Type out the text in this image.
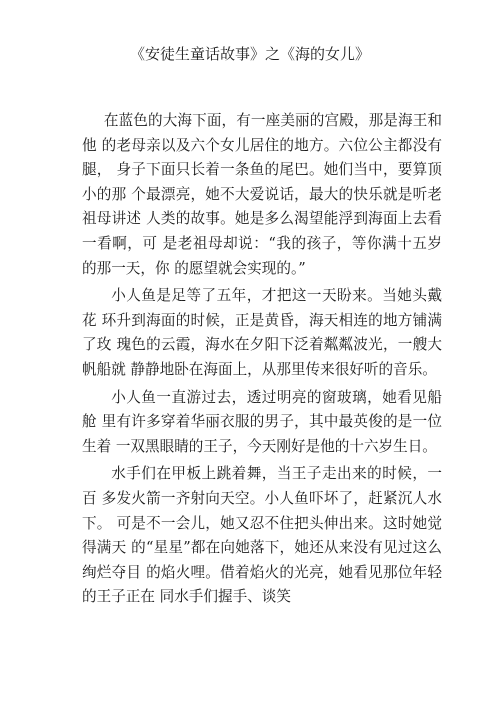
《安徒生童话故事》之《海的女儿》

在蓝色的大海下面，有一座美丽的宫殿，那是海王和他 的老母亲以及六个女儿居住的地方。六位公主都没有腿， 身子下面只长着一条鱼的尾巴。她们当中，要算顶小的那 个最漂亮，她不大爱说话，最大的快乐就是听老祖母讲述 人类的故事。她是多么渴望能浮到海面上去看一看啊，可 是老祖母却说：“我的孩子，等你满十五岁的那一天，你 的愿望就会实现的。”

小人鱼是足等了五年，才把这一天盼来。当她头戴花 环升到海面的时候，正是黄昏，海天相连的地方铺满了玫 瑰色的云霞，海水在夕阳下泛着粼粼波光，一艘大帆船就 静静地卧在海面上，从那里传来很好听的音乐。

小人鱼一直游过去，透过明亮的窗玻璃，她看见船舱 里有许多穿着华丽衣服的男子，其中最英俊的是一位生着 一双黑眼睛的王子，今天刚好是他的十六岁生日。

水手们在甲板上跳着舞，当王子走出来的时候，一百 多发火箭一齐射向天空。小人鱼吓坏了，赶紧沉人水下。 可是不一会儿，她又忍不住把头伸出来。这时她觉得满天 的“星星”都在向她落下，她还从来没有见过这么绚烂夺目 的焰火哩。借着焰火的光亮，她看见那位年轻的王子正在 同水手们握手、谈笑
